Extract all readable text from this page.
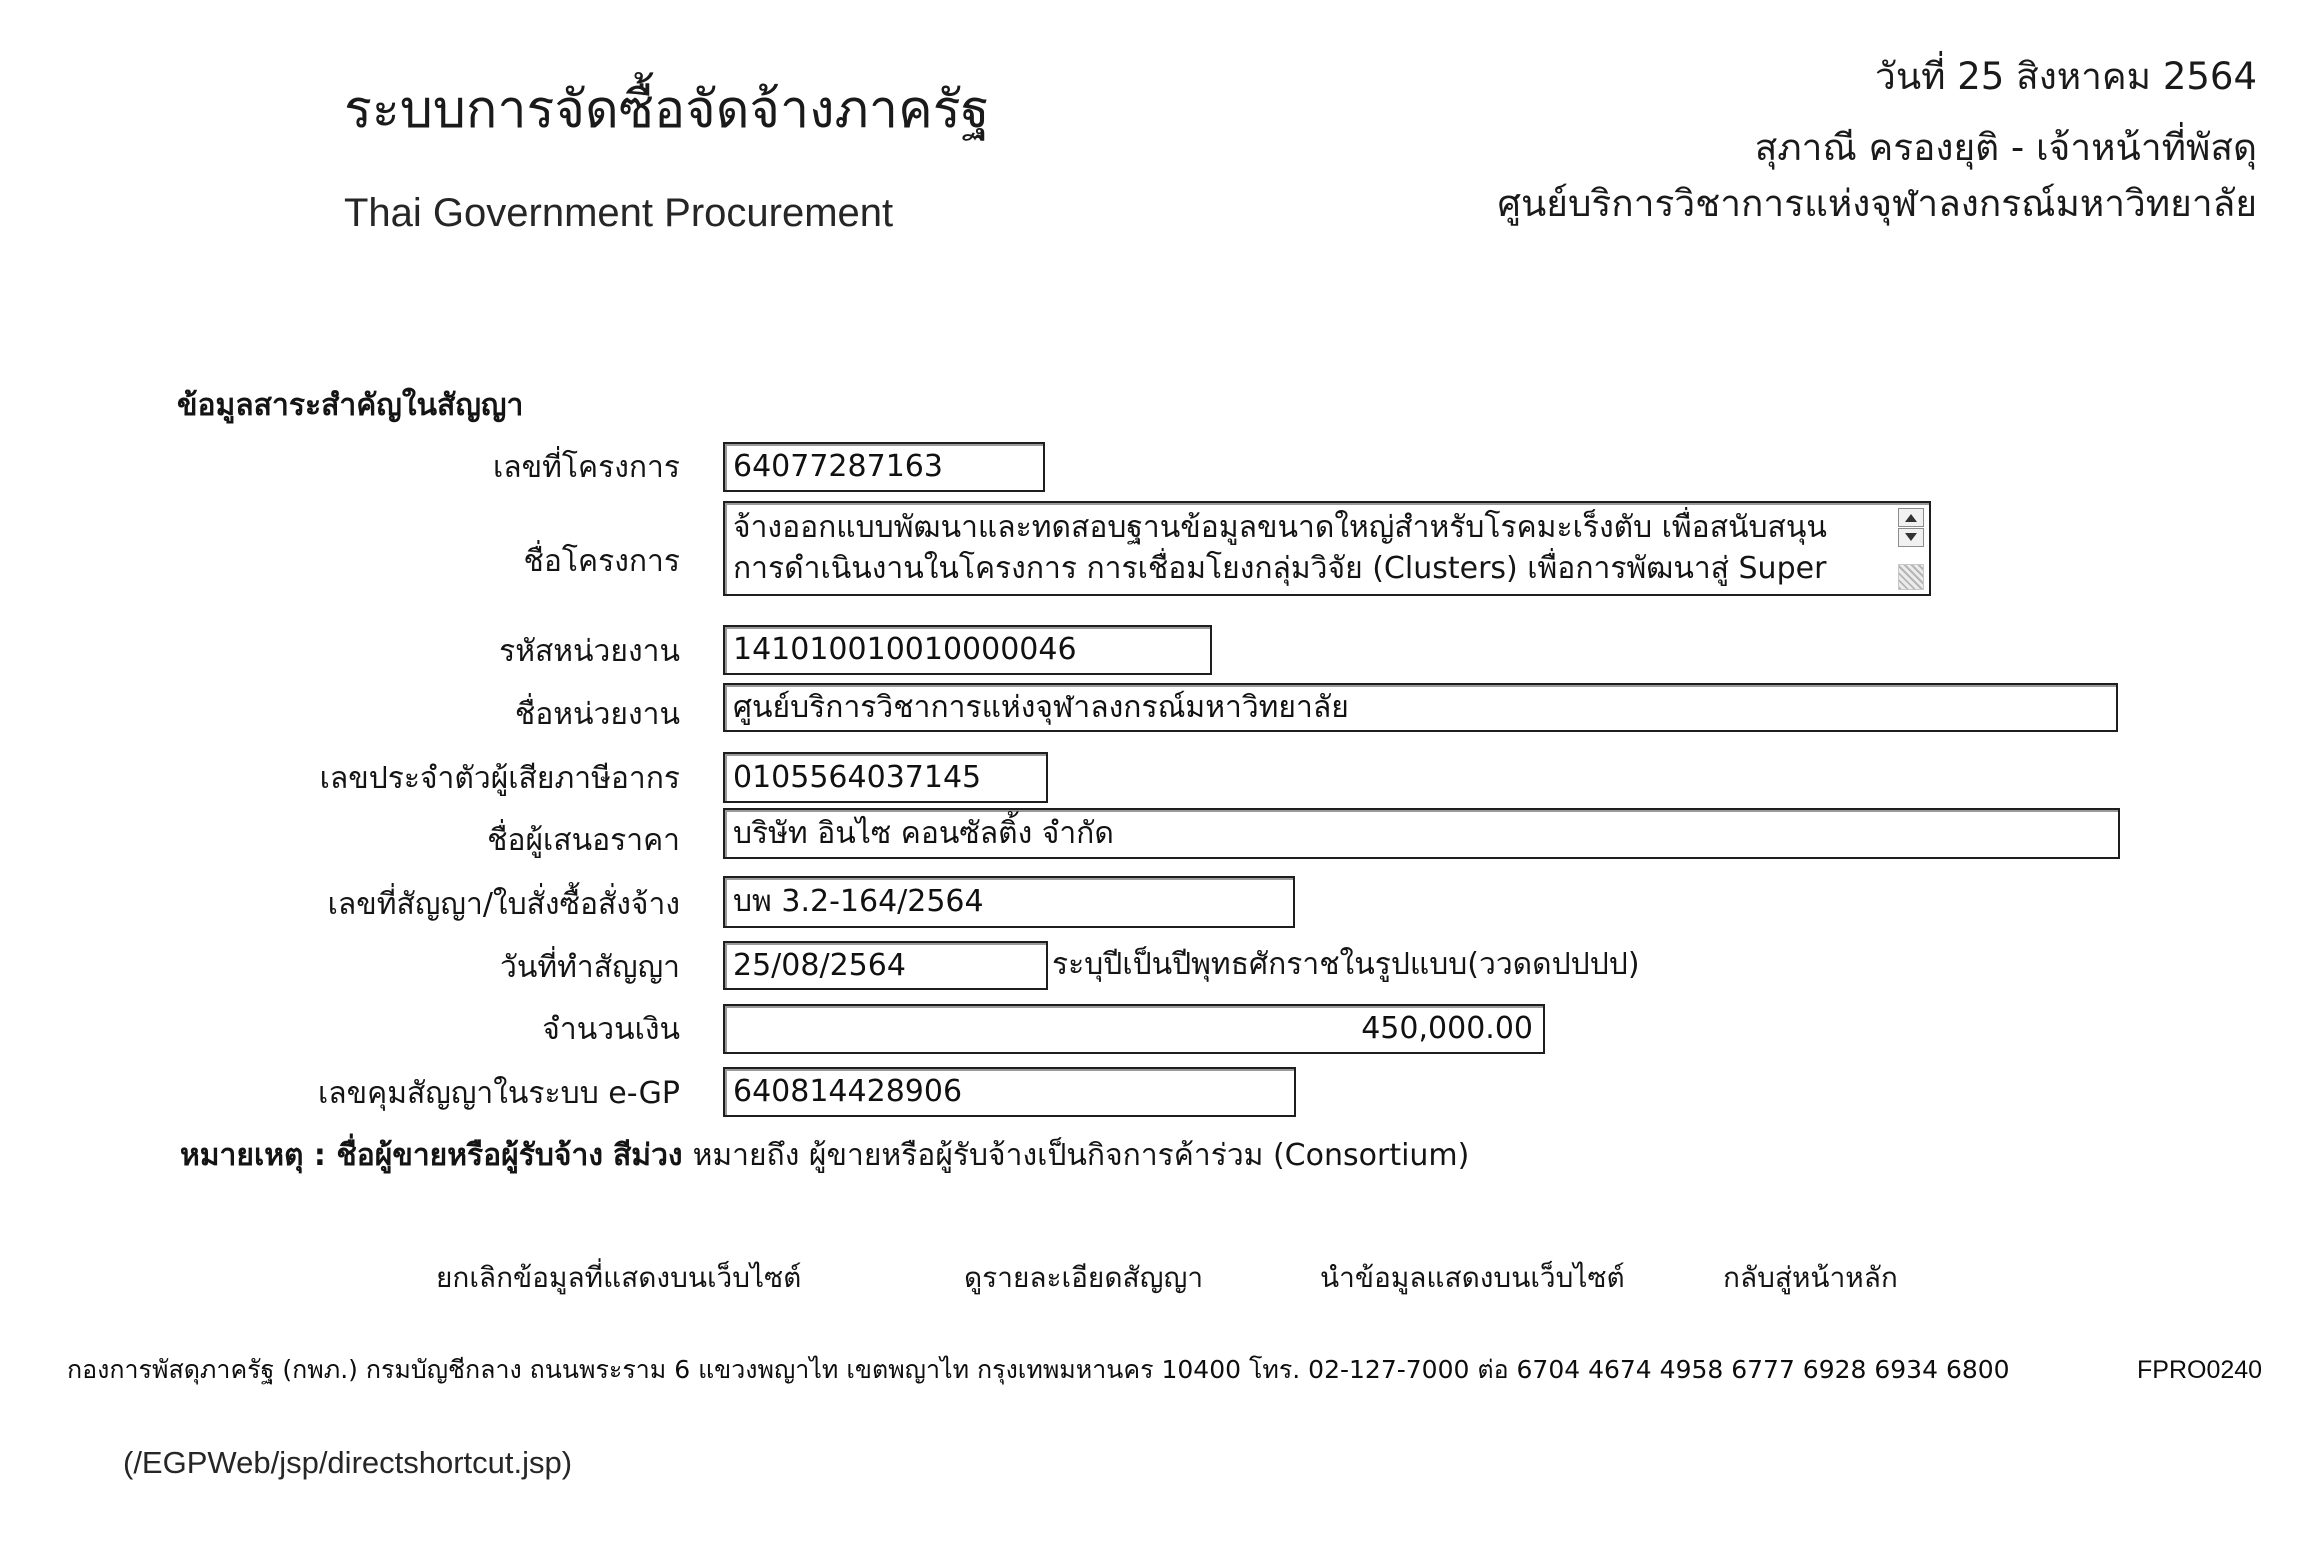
ระบบการจัดซื้อจัดจ้างภาครัฐ
Thai Government Procurement
วันที่ 25 สิงหาคม 2564
สุภาณี ครองยุติ - เจ้าหน้าที่พัสดุ
ศูนย์บริการวิชาการแห่งจุฬาลงกรณ์มหาวิทยาลัย
ข้อมูลสาระสำคัญในสัญญา
เลขที่โครงการ	64077287163
ชื่อโครงการ
จ้างออกแบบพัฒนาและทดสอบฐานข้อมูลขนาดใหญ่สำหรับโรคมะเร็งตับ เพื่อสนับสนุน
การดำเนินงานในโครงการ การเชื่อมโยงกลุ่มวิจัย (Clusters) เพื่อการพัฒนาสู่ Super
รหัสหน่วยงาน	141010010010000046
ชื่อหน่วยงาน	ศูนย์บริการวิชาการแห่งจุฬาลงกรณ์มหาวิทยาลัย
เลขประจำตัวผู้เสียภาษีอากร	0105564037145
ชื่อผู้เสนอราคา	บริษัท อินไซ คอนซัลติ้ง จำกัด
เลขที่สัญญา/ใบสั่งซื้อสั่งจ้าง	บพ 3.2-164/2564
วันที่ทำสัญญา	25/08/2564	ระบุปีเป็นปีพุทธศักราชในรูปแบบ(ววดดปปปป)
จำนวนเงิน	450,000.00
เลขคุมสัญญาในระบบ e-GP	640814428906
หมายเหตุ : ชื่อผู้ขายหรือผู้รับจ้าง สีม่วง หมายถึง ผู้ขายหรือผู้รับจ้างเป็นกิจการค้าร่วม (Consortium)
ยกเลิกข้อมูลที่แสดงบนเว็บไซต์	ดูรายละเอียดสัญญา	นำข้อมูลแสดงบนเว็บไซต์	กลับสู่หน้าหลัก
กองการพัสดุภาครัฐ (กพภ.) กรมบัญชีกลาง ถนนพระราม 6 แขวงพญาไท เขตพญาไท กรุงเทพมหานคร 10400 โทร. 02-127-7000 ต่อ 6704 4674 4958 6777 6928 6934 6800	FPRO0240
(/EGPWeb/jsp/directshortcut.jsp)
